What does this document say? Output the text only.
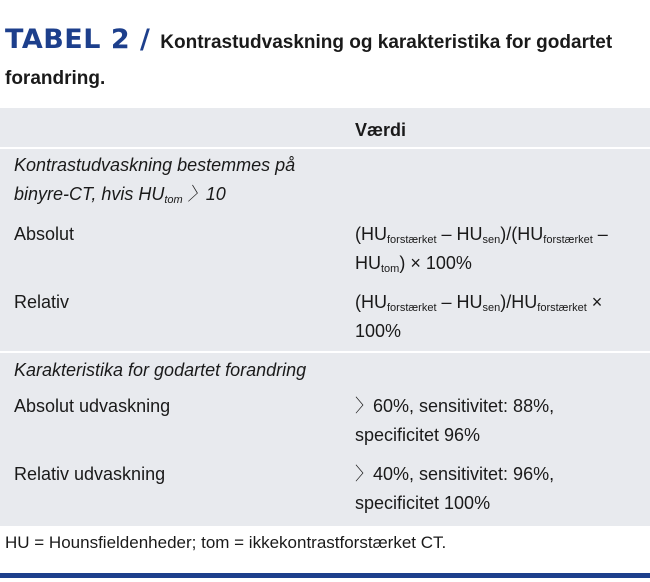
TABEL 2 / Kontrastudvaskning og karakteristika for godartet forandring.
Værdi
Kontrastudvaskning bestemmes på binyre-CT, hvis $HU_{tom}$ 〉10
Absolut	$(HU_{forstærket} - HU_{sen})/(HU_{forstærket} - HU_{tom}) \times 100\%$
Relativ	$(HU_{forstærket} - HU_{sen})/HU_{forstærket} \times 100\%$
Karakteristika for godartet forandring
Absolut udvaskning	〉60%, sensitivitet: 88%, specificitet 96%
Relativ udvaskning	〉40%, sensitivitet: 96%, specificitet 100%
HU = Hounsfieldenheder; tom = ikkekontrastforstærket CT.
